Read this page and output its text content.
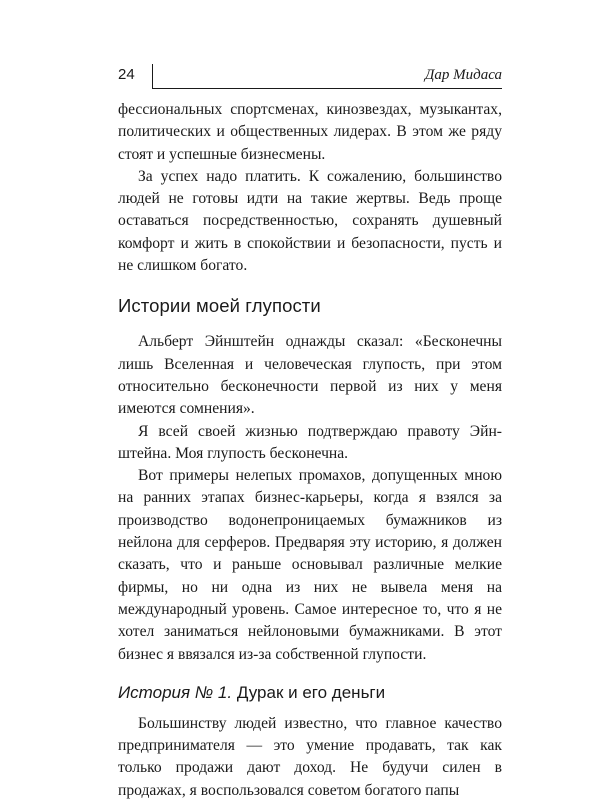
24	Дар Мидаса

фессиональных спортсменах, кинозвездах, музыкантах, политических и общественных лидерах. В этом же ряду стоят и успешные бизнесмены.

За успех надо платить. К сожалению, большинство людей не готовы идти на такие жертвы. Ведь проще оставаться посредственностью, сохранять душевный комфорт и жить в спокойствии и безопасности, пусть и не слишком богато.

Истории моей глупости

Альберт Эйнштейн однажды сказал: «Бесконечны лишь Вселенная и человеческая глупость, при этом относительно бесконечности первой из них у меня имеются сомнения».

Я всей своей жизнью подтверждаю правоту Эйнштейна. Моя глупость бесконечна.

Вот примеры нелепых промахов, допущенных мною на ранних этапах бизнес-карьеры, когда я взялся за производство водонепроницаемых бумажников из нейлона для серферов. Предваряя эту историю, я должен сказать, что и раньше основывал различные мелкие фирмы, но ни одна из них не вывела меня на международный уровень. Самое интересное то, что я не хотел заниматься нейлоновыми бумажниками. В этот бизнес я ввязался из-за собственной глупости.

История № 1. Дурак и его деньги

Большинству людей известно, что главное качество предпринимателя — это умение продавать, так как только продажи дают доход. Не будучи силен в продажах, я воспользовался советом богатого папы
